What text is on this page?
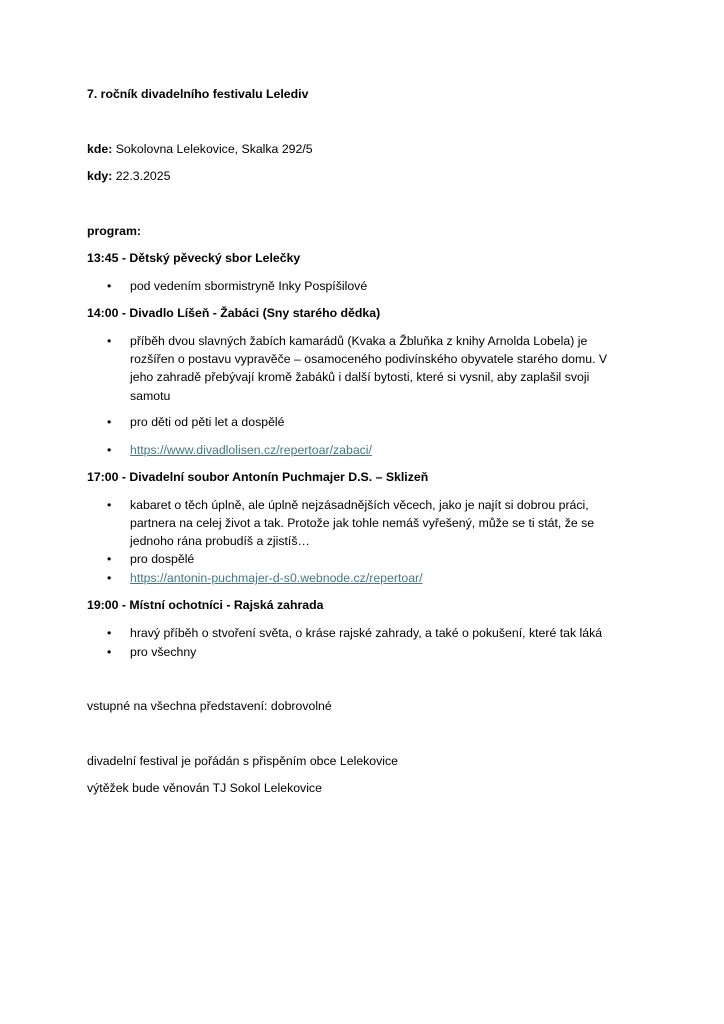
7. ročník divadelního festivalu Lelediv
kde: Sokolovna Lelekovice, Skalka 292/5
kdy: 22.3.2025
program:
13:45 - Dětský pěvecký sbor Lelečky
• pod vedením sbormistryně Inky Pospíšilové
14:00 - Divadlo Líšeň - Žabáci (Sny starého dědka)
• příběh dvou slavných žabích kamarádů (Kvaka a Žbluňka z knihy Arnolda Lobela) je rozšířen o postavu vypravěče – osamoceného podivínského obyvatele starého domu. V jeho zahradě přebývají kromě žabáků i další bytosti, které si vysnil, aby zaplašil svoji samotu
• pro děti od pěti let a dospělé
• https://www.divadlolisen.cz/repertoar/zabaci/
17:00 - Divadelní soubor Antonín Puchmajer D.S. – Sklizeň
• kabaret o těch úplně, ale úplně nejzásadnějších věcech, jako je najít si dobrou práci, partnera na celej život a tak. Protože jak tohle nemáš vyřešený, může se ti stát, že se jednoho rána probudíš a zjistíš…
• pro dospělé
• https://antonin-puchmajer-d-s0.webnode.cz/repertoar/
19:00 - Místní ochotníci - Rajská zahrada
• hravý příběh o stvoření světa, o kráse rajské zahrady, a také o pokušení, které tak láká
• pro všechny
vstupné na všechna představení: dobrovolné
divadelní festival je pořádán s přispěním obce Lelekovice
výtěžek bude věnován TJ Sokol Lelekovice
